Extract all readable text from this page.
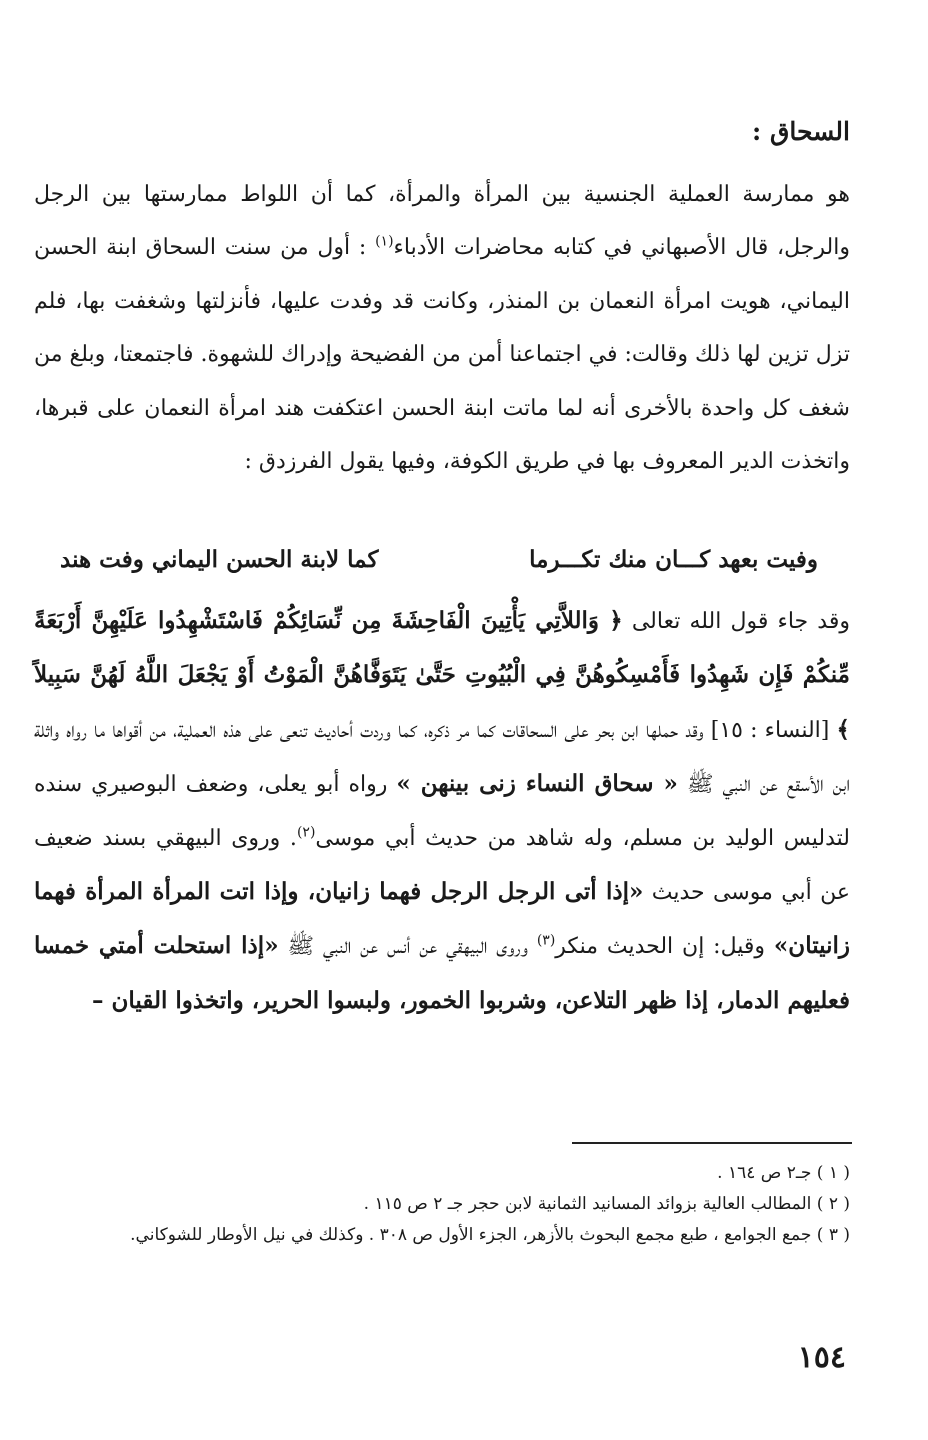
السحاق :

هو ممارسة العملية الجنسية بين المرأة والمرأة، كما أن اللواط ممارستها بين الرجل والرجل، قال الأصبهاني في كتابه محاضرات الأدباء$^{(١)}$ : أول من سنت السحاق ابنة الحسن اليماني، هويت امرأة النعمان بن المنذر، وكانت قد وفدت عليها، فأنزلتها وشغفت بها، فلم تزل تزين لها ذلك وقالت: في اجتماعنا أمن من الفضيحة وإدراك للشهوة. فاجتمعتا، وبلغ من شغف كل واحدة بالأخرى أنه لما ماتت ابنة الحسن اعتكفت هند امرأة النعمان على قبرها، واتخذت الدير المعروف بها في طريق الكوفة، وفيها يقول الفرزدق :

وفيت بعهد كـــان منك تكـــرما
كما لابنة الحسن اليماني وفت هند

وقد جاء قول الله تعالى ﴿ وَاللاَّتِي يَأْتِينَ الْفَاحِشَةَ مِن نِّسَائِكُمْ فَاسْتَشْهِدُوا عَلَيْهِنَّ أَرْبَعَةً مِّنكُمْ فَإِن شَهِدُوا فَأَمْسِكُوهُنَّ فِي الْبُيُوتِ حَتَّىٰ يَتَوَفَّاهُنَّ الْمَوْتُ أَوْ يَجْعَلَ اللَّهُ لَهُنَّ سَبِيلاً ﴾ [النساء : ١٥] وقد حملها ابن بحر على السحاقات كما مر ذكره، كما وردت أحاديث تنعى على هذه العملية، من أقواها ما رواه واثلة ابن الأسقع عن النبي ﷺ « سحاق النساء زنى بينهن » رواه أبو يعلى، وضعف البوصيري سنده لتدليس الوليد بن مسلم، وله شاهد من حديث أبي موسى$^{(٢)}$. وروى البيهقي بسند ضعيف عن أبي موسى حديث «إذا أتى الرجل الرجل فهما زانيان، وإذا اتت المرأة المرأة فهما زانيتان» وقيل: إن الحديث منكر$^{(٣)}$ وروى البيهقي عن أنس عن النبي ﷺ «إذا استحلت أمتي خمسا فعليهم الدمار، إذا ظهر التلاعن، وشربوا الخمور، ولبسوا الحرير، واتخذوا القيان –

( ١ ) جـ٢ ص ١٦٤ .
( ٢ ) المطالب العالية بزوائد المسانيد الثمانية لابن حجر جـ ٢ ص ١١٥ .
( ٣ ) جمع الجوامع ، طبع مجمع البحوث بالأزهر، الجزء الأول ص ٣٠٨ . وكذلك في نيل الأوطار للشوكاني.
١٥٤
